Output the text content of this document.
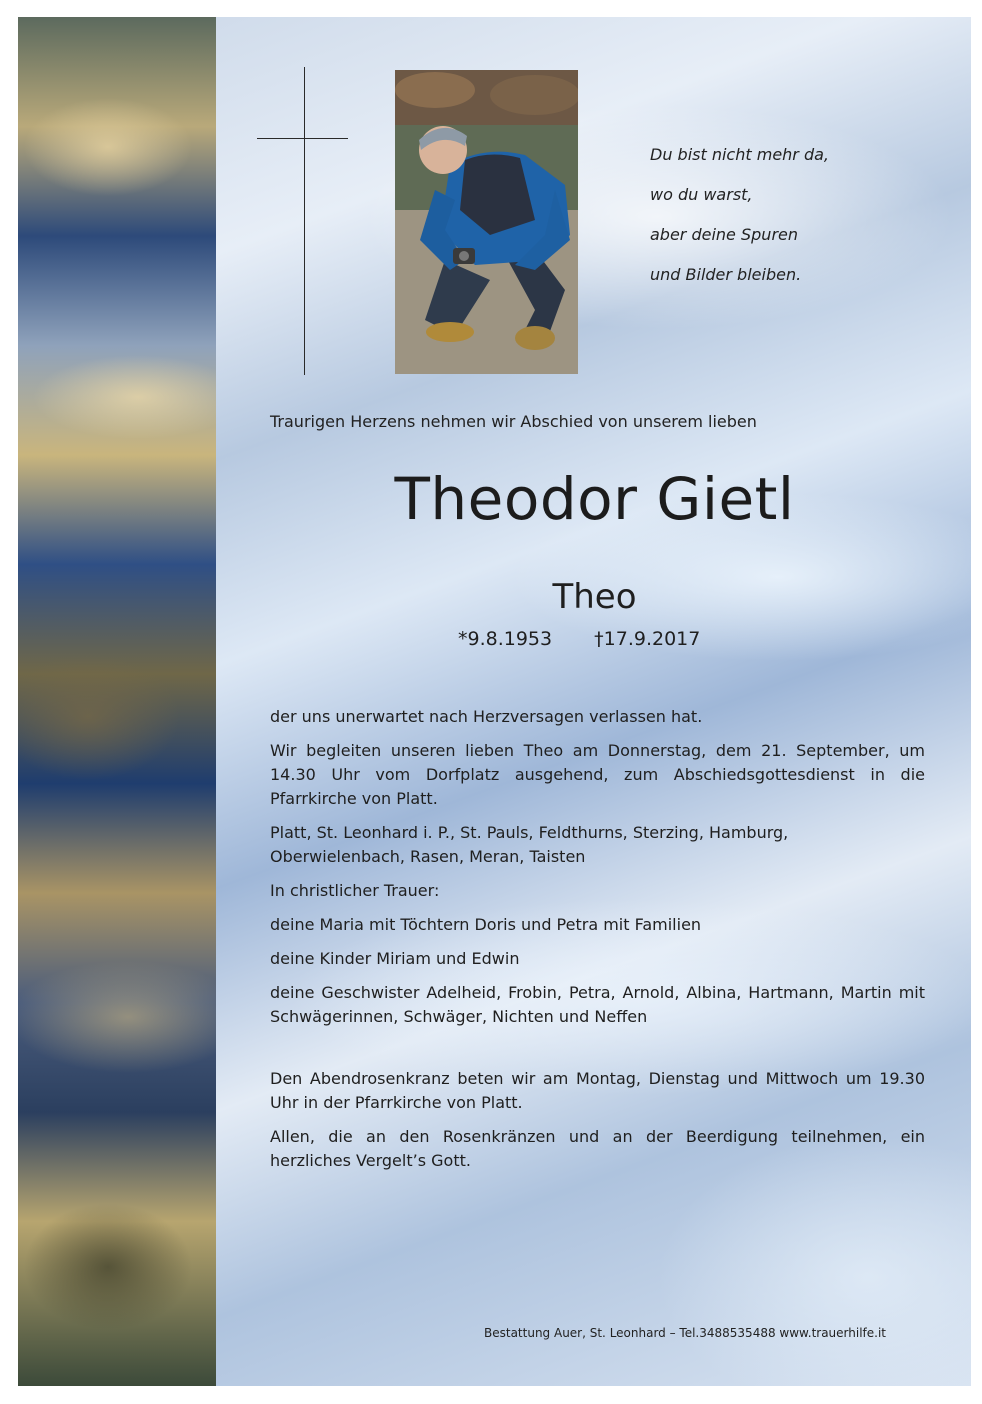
Du bist nicht mehr da,
wo du warst,
aber deine Spuren
und Bilder bleiben.
Traurigen Herzens nehmen wir Abschied von unserem lieben
Theodor Gietl
Theo
*9.8.1953 †17.9.2017

der uns unerwartet nach Herzversagen verlassen hat.

Wir begleiten unseren lieben Theo am Donnerstag, dem 21. September, um 14.30 Uhr vom Dorfplatz ausgehend, zum Abschiedsgottesdienst in die Pfarrkirche von Platt.

Platt, St. Leonhard i. P., St. Pauls, Feldthurns, Sterzing, Hamburg, Oberwielenbach, Rasen, Meran, Taisten

In christlicher Trauer:

deine Maria mit Töchtern Doris und Petra mit Familien

deine Kinder Miriam und Edwin

deine Geschwister Adelheid, Frobin, Petra, Arnold, Albina, Hartmann, Martin mit Schwägerinnen, Schwäger, Nichten und Neffen

Den Abendrosenkranz beten wir am Montag, Dienstag und Mittwoch um 19.30 Uhr in der Pfarrkirche von Platt.

Allen, die an den Rosenkränzen und an der Beerdigung teilnehmen, ein herzliches Vergelt’s Gott.

Bestattung Auer, St. Leonhard – Tel.3488535488 www.trauerhilfe.it
